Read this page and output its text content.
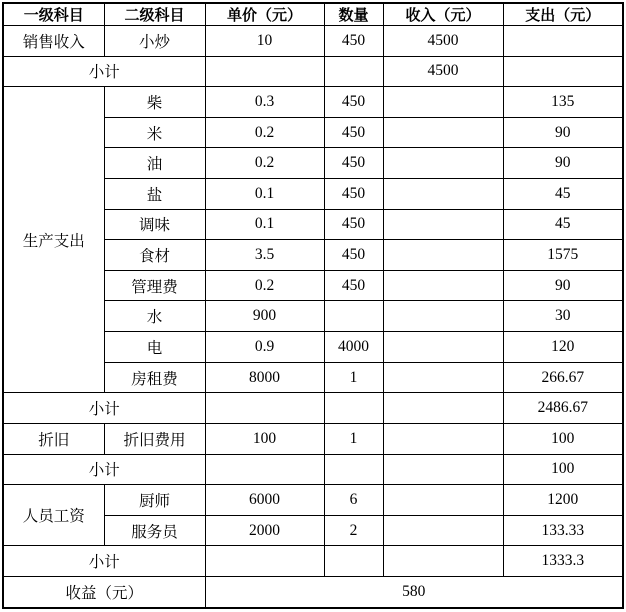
一级科目	二级科目	单价（元）	数量	收入（元）	支出（元）
销售收入	小炒	10	450	4500	
小计				4500	
生产支出	柴	0.3	450		135
	米	0.2	450		90
	油	0.2	450		90
	盐	0.1	450		45
	调味	0.1	450		45
	食材	3.5	450		1575
	管理费	0.2	450		90
	水	900			30
	电	0.9	4000		120
	房租费	8000	1		266.67
小计					2486.67
折旧	折旧费用	100	1		100
小计					100
人员工资	厨师	6000	6		1200
	服务员	2000	2		133.33
小计					1333.3
收益（元）		580			
